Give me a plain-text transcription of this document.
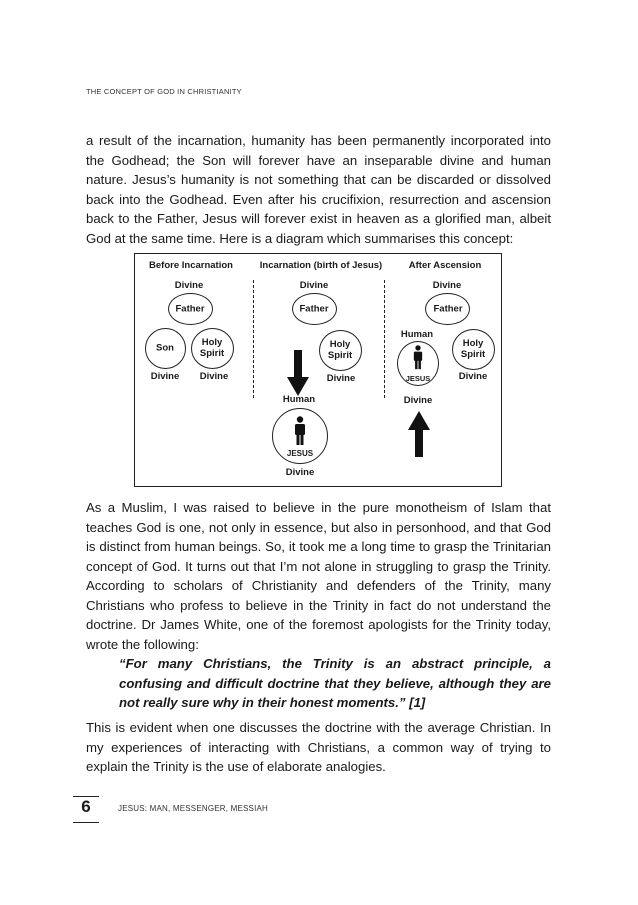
THE CONCEPT OF GOD IN CHRISTIANITY

a result of the incarnation, humanity has been permanently incorporated into the Godhead; the Son will forever have an inseparable divine and human nature. Jesus’s humanity is not something that can be discarded or dissolved back into the Godhead. Even after his crucifixion, resurrection and ascension back to the Father, Jesus will forever exist in heaven as a glorified man, albeit God at the same time. Here is a diagram which summarises this concept:

Before Incarnation	Incarnation (birth of Jesus)	After Ascension
Divine
Father
Son	Holy Spirit
Divine Divine
Divine
Father
Holy Spirit
Divine
Human
JESUS
Divine
Divine
Father
Human
JESUS
Holy Spirit
Divine
Divine

As a Muslim, I was raised to believe in the pure monotheism of Islam that teaches God is one, not only in essence, but also in personhood, and that God is distinct from human beings. So, it took me a long time to grasp the Trinitarian concept of God. It turns out that I’m not alone in struggling to grasp the Trinity. According to scholars of Christianity and defenders of the Trinity, many Christians who profess to believe in the Trinity in fact do not understand the doctrine. Dr James White, one of the foremost apologists for the Trinity today, wrote the following:

“For many Christians, the Trinity is an abstract principle, a confusing and difficult doctrine that they believe, although they are not really sure why in their honest moments.” [1]

This is evident when one discusses the doctrine with the average Christian. In my experiences of interacting with Christians, a common way of trying to explain the Trinity is the use of elaborate analogies.

6	JESUS: MAN, MESSENGER, MESSIAH
